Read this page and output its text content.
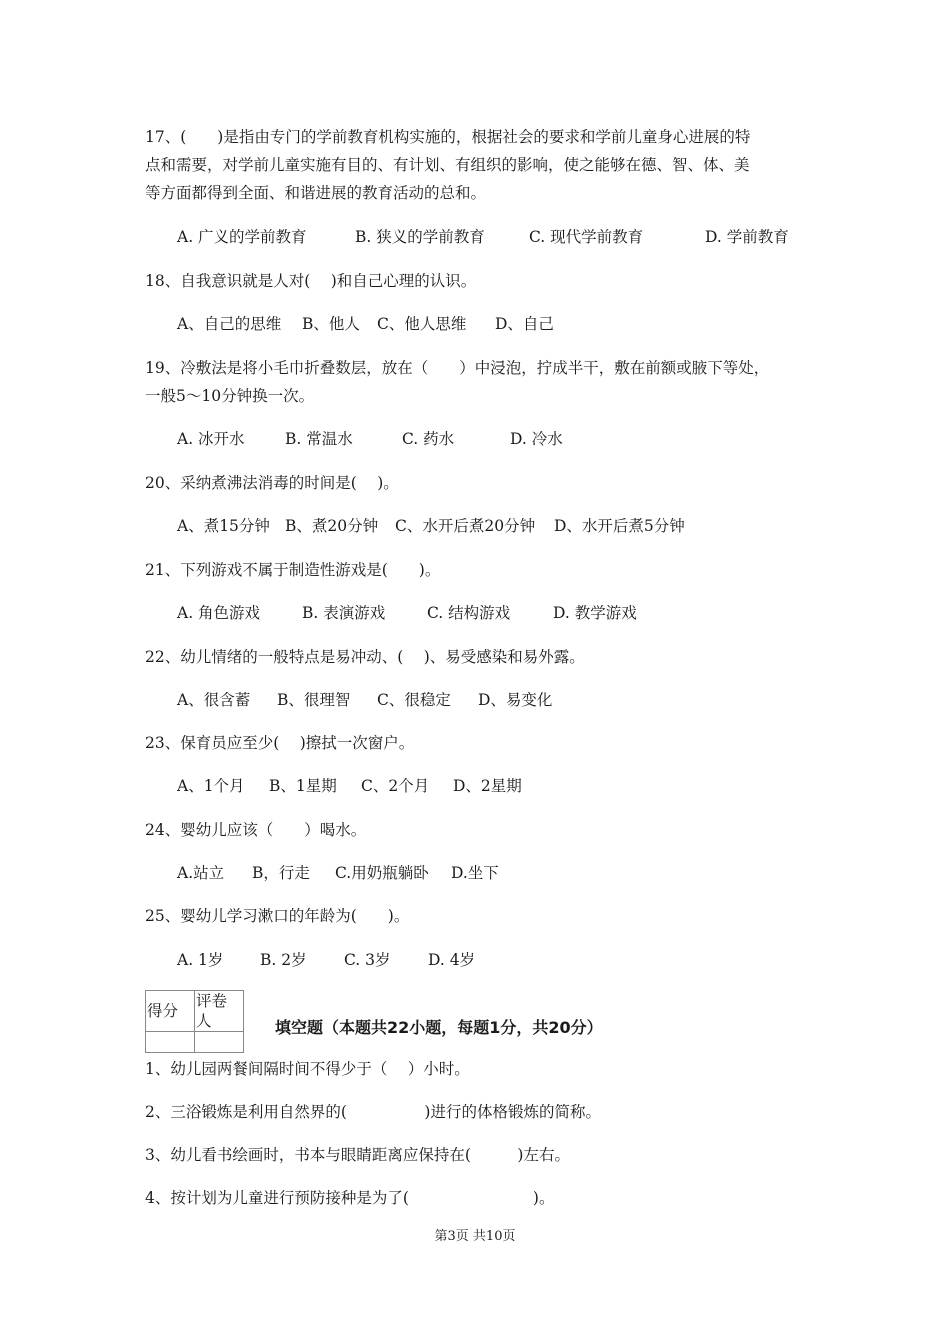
17、(　　)是指由专门的学前教育机构实施的，根据社会的要求和学前儿童身心进展的特
点和需要，对学前儿童实施有目的、有计划、有组织的影响，使之能够在德、智、体、美
等方面都得到全面、和谐进展的教育活动的总和。
A. 广义的学前教育	B. 狭义的学前教育	C. 现代学前教育	D. 学前教育
18、自我意识就是人对(　 )和自己心理的认识。
A、自己的思维 B、他人 C、他人思维 D、自己
19、冷敷法是将小毛巾折叠数层，放在（　　）中浸泡，拧成半干，敷在前额或腋下等处，
一般5～10分钟换一次。
A. 冰开水	B. 常温水	C. 药水	D. 冷水
20、采纳煮沸法消毒的时间是(　 )。
A、煮15分钟 B、煮20分钟 C、水开后煮20分钟 D、水开后煮5分钟
21、下列游戏不属于制造性游戏是(　　)。
A. 角色游戏	B. 表演游戏	C. 结构游戏	D. 教学游戏
22、幼儿情绪的一般特点是易冲动、(　 )、易受感染和易外露。
A、很含蓄 B、很理智 C、很稳定 D、易变化
23、保育员应至少(　 )擦拭一次窗户。
A、1个月 B、1星期 C、2个月 D、2星期
24、婴幼儿应该（　　）喝水。
A.站立 B，行走 C.用奶瓶躺卧 D.坐下
25、婴幼儿学习漱口的年龄为(　　)。
A. 1岁 B. 2岁 C. 3岁 D. 4岁
得分	评卷人
		填空题（本题共22小题，每题1分，共20分）
1、幼儿园两餐间隔时间不得少于（　 ）小时。
2、三浴锻炼是利用自然界的(　　　　　)进行的体格锻炼的简称。
3、幼儿看书绘画时，书本与眼睛距离应保持在(　　　)左右。
4、按计划为儿童进行预防接种是为了(　　　　　　　　)。
第3页 共10页
